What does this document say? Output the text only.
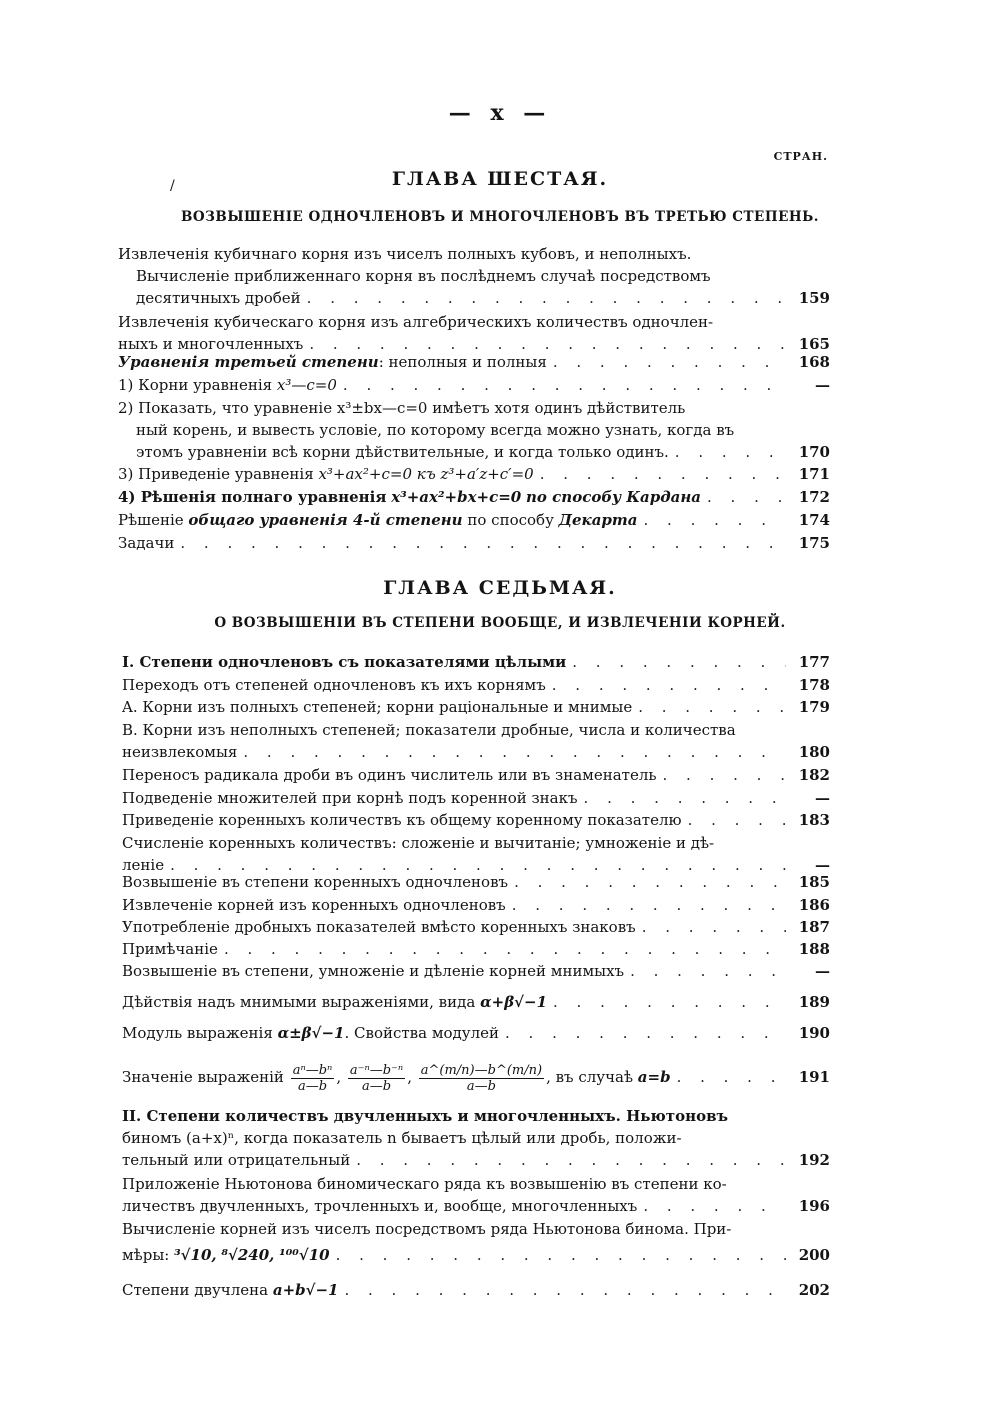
— x —
СТРАН.
ГЛАВА ШЕСТАЯ.
/
ВОЗВЫШЕНІЕ ОДНОЧЛЕНОВЪ И МНОГОЧЛЕНОВЪ ВЪ ТРЕТЬЮ СТЕПЕНЬ.
Извлеченія кубичнаго корня изъ чиселъ полныхъ кубовъ, и неполныхъ.
Вычисленіе приближеннаго корня въ послѣднемъ случаѣ посредствомъ
десятичныхъ дробей . . .	159
Извлеченія кубическаго корня изъ алгебрическихъ количествъ одночлен-
ныхъ и многочленныхъ . . .	165
Уравненія третьей степени: неполныя и полныя . . .	168
1) Корни уравненія x³—c=0 . . .	—
2) Показать, что уравненіе x³±bx—c=0 имѣетъ хотя одинъ дѣйствитель
ный корень, и вывесть условіе, по которому всегда можно узнать, когда въ
этомъ уравненіи всѣ корни дѣйствительные, и когда только одинъ. . . .	170
3) Приведеніе уравненія x³+ax²+c=0 къ z³+a′z+c′=0 . . .	171
4) Рѣшенія полнаго уравненія x³+ax²+bx+c=0 по способу Кардана . . .	172
Рѣшеніе общаго уравненія 4-й степени по способу Декарта . . .	174
Задачи . . .	175
ГЛАВА СЕДЬМАЯ.
О ВОЗВЫШЕНІИ ВЪ СТЕПЕНИ ВООБЩЕ, И ИЗВЛЕЧЕНІИ КОРНЕЙ.
I. Степени одночленовъ съ показателями цѣлыми . . .	177
Переходъ отъ степеней одночленовъ къ ихъ корнямъ . . .	178
A. Корни изъ полныхъ степеней; корни раціональные и мнимые . . .	179
B. Корни изъ неполныхъ степеней; показатели дробные, числа и количества
неизвлекомыя . . .	180
Переносъ радикала дроби въ одинъ числитель или въ знаменатель . . .	182
Подведеніе множителей при корнѣ подъ коренной знакъ . . .	—
Приведеніе коренныхъ количествъ къ общему коренному показателю . . .	183
Счисленіе коренныхъ количествъ: сложеніе и вычитаніе; умноженіе и дѣ-
леніе . . .	—
Возвышеніе въ степени коренныхъ одночленовъ . . .	185
Извлеченіе корней изъ коренныхъ одночленовъ . . .	186
Употребленіе дробныхъ показателей вмѣсто коренныхъ знаковъ . . .	187
Примѣчаніе . . .	188
Возвышеніе въ степени, умноженіе и дѣленіе корней мнимыхъ . . .	—
Дѣйствія надъ мнимыми выраженіями, вида α+β√−1 . . .	189
Модуль выраженія α±β√−1. Свойства модулей . . .	190
Значеніе выраженій $\frac{\text{aⁿ—bⁿ}}{a—b}$ , $\frac{\text{a⁻ⁿ—b⁻ⁿ}}{a—b}$ , $\frac{a\^{}(m/n)—b\^{}(m/n)}{a—b}$ , въ случаѣ a=b . . .	191
II. Степени количествъ двучленныхъ и многочленныхъ. Ньютоновъ
биномъ (a+x)ⁿ, когда показатель n бываетъ цѣлый или дробь, положи-
тельный или отрицательный . . .	192
Приложеніе Ньютонова биномическаго ряда къ возвышенію въ степени ко-
личествъ двучленныхъ, трочленныхъ и, вообще, многочленныхъ . . .	196
Вычисленіе корней изъ чиселъ посредствомъ ряда Ньютонова бинома. При-
мѣры: ³√10, ⁸√240, ¹⁰⁰√10 . . .	200
Степени двучлена a+b√−1 . . .	202
